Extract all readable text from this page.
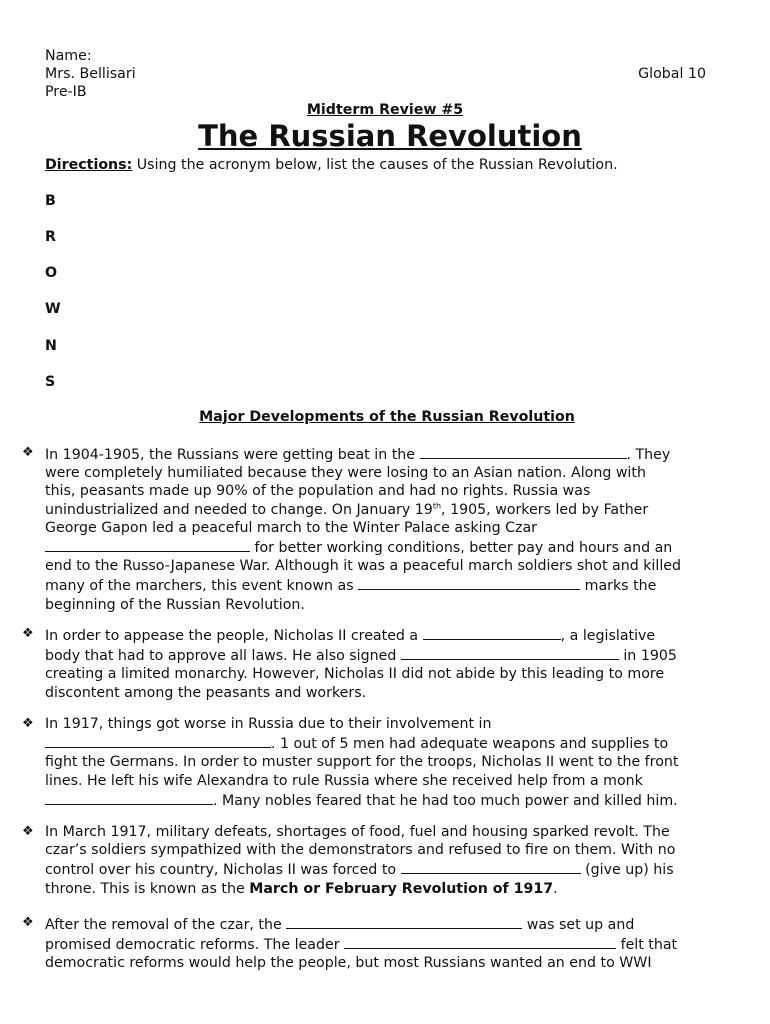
Name:
Mrs. Bellisari	Global 10
Pre-IB
Midterm Review #5
The Russian Revolution
Directions: Using the acronym below, list the causes of the Russian Revolution.
B
R
O
W
N
S
Major Developments of the Russian Revolution
❖ In 1904-1905, the Russians were getting beat in the	. They

were completely humiliated because they were losing to an Asian nation. Along with

this, peasants made up 90% of the population and had no rights. Russia was

unindustrialized and needed to change. On January 19th, 1905, workers led by Father

George Gapon led a peaceful march to the Winter Palace asking Czar

for better working conditions, better pay and hours and an

end to the Russo-Japanese War. Although it was a peaceful march soldiers shot and killed

many of the marchers, this event known as	marks the

beginning of the Russian Revolution.

❖ In order to appease the people, Nicholas II created a	, a legislative

body that had to approve all laws. He also signed	in 1905

creating a limited monarchy. However, Nicholas II did not abide by this leading to more

discontent among the peasants and workers.

❖ In 1917, things got worse in Russia due to their involvement in

. 1 out of 5 men had adequate weapons and supplies to

fight the Germans. In order to muster support for the troops, Nicholas II went to the front

lines. He left his wife Alexandra to rule Russia where she received help from a monk

. Many nobles feared that he had too much power and killed him.

❖ In March 1917, military defeats, shortages of food, fuel and housing sparked revolt. The

czar’s soldiers sympathized with the demonstrators and refused to fire on them. With no

control over his country, Nicholas II was forced to	(give up) his

throne. This is known as the March or February Revolution of 1917.

❖ After the removal of the czar, the	was set up and

promised democratic reforms. The leader	felt that

democratic reforms would help the people, but most Russians wanted an end to WWI
